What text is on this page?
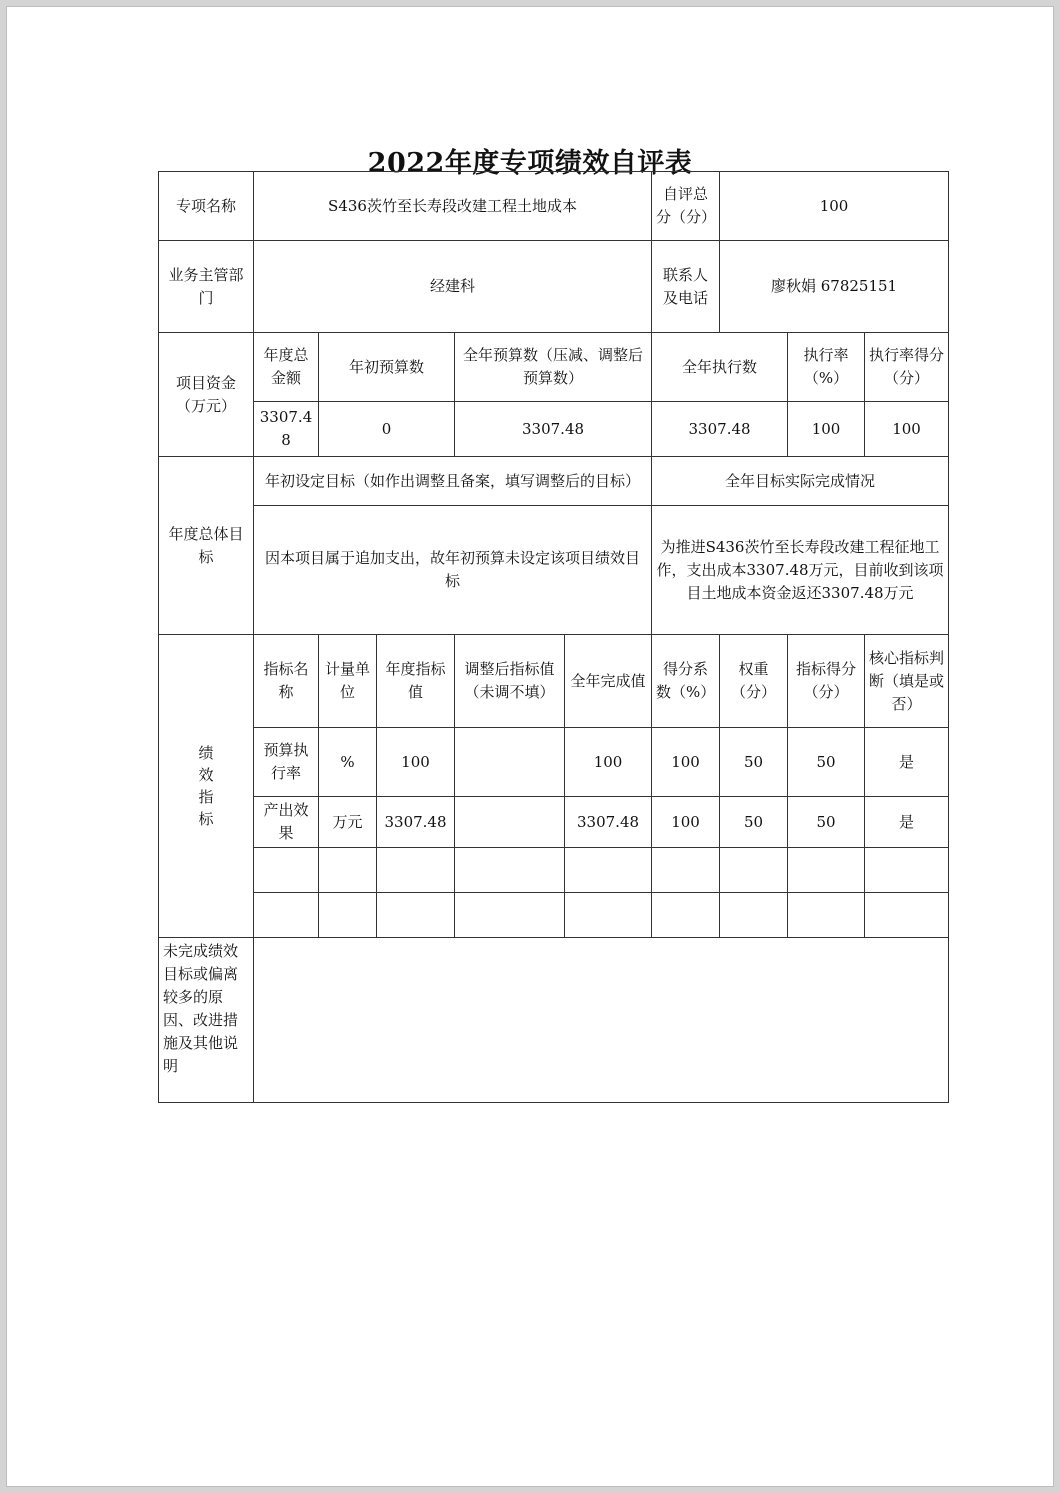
2022年度专项绩效自评表
专项名称	S436茨竹至长寿段改建工程土地成本					自评总分（分）	100		
业务主管部门	经建科					联系人及电话	廖秋娟 67825151		
项目资金（万元）	年度总金额	年初预算数		全年预算数（压减、调整后预算数）		全年执行数		执行率（%）	执行率得分（分）
	3307.48	0		3307.48		3307.48		100	100
年度总体目标	年初设定目标（如作出调整且备案，填写调整后的目标）					全年目标实际完成情况			
	因本项目属于追加支出，故年初预算未设定该项目绩效目标					为推进S436茨竹至长寿段改建工程征地工作，支出成本3307.48万元，目前收到该项目土地成本资金返还3307.48万元			
绩效指标	指标名称	计量单位	年度指标值	调整后指标值（未调不填）	全年完成值	得分系数（%）	权重（分）	指标得分（分）	核心指标判断（填是或否）
	预算执行率	%	100		100	100	50	50	是
	产出效果	万元	3307.48		3307.48	100	50	50	是

未完成绩效目标或偏离较多的原因、改进措施及其他说明									
